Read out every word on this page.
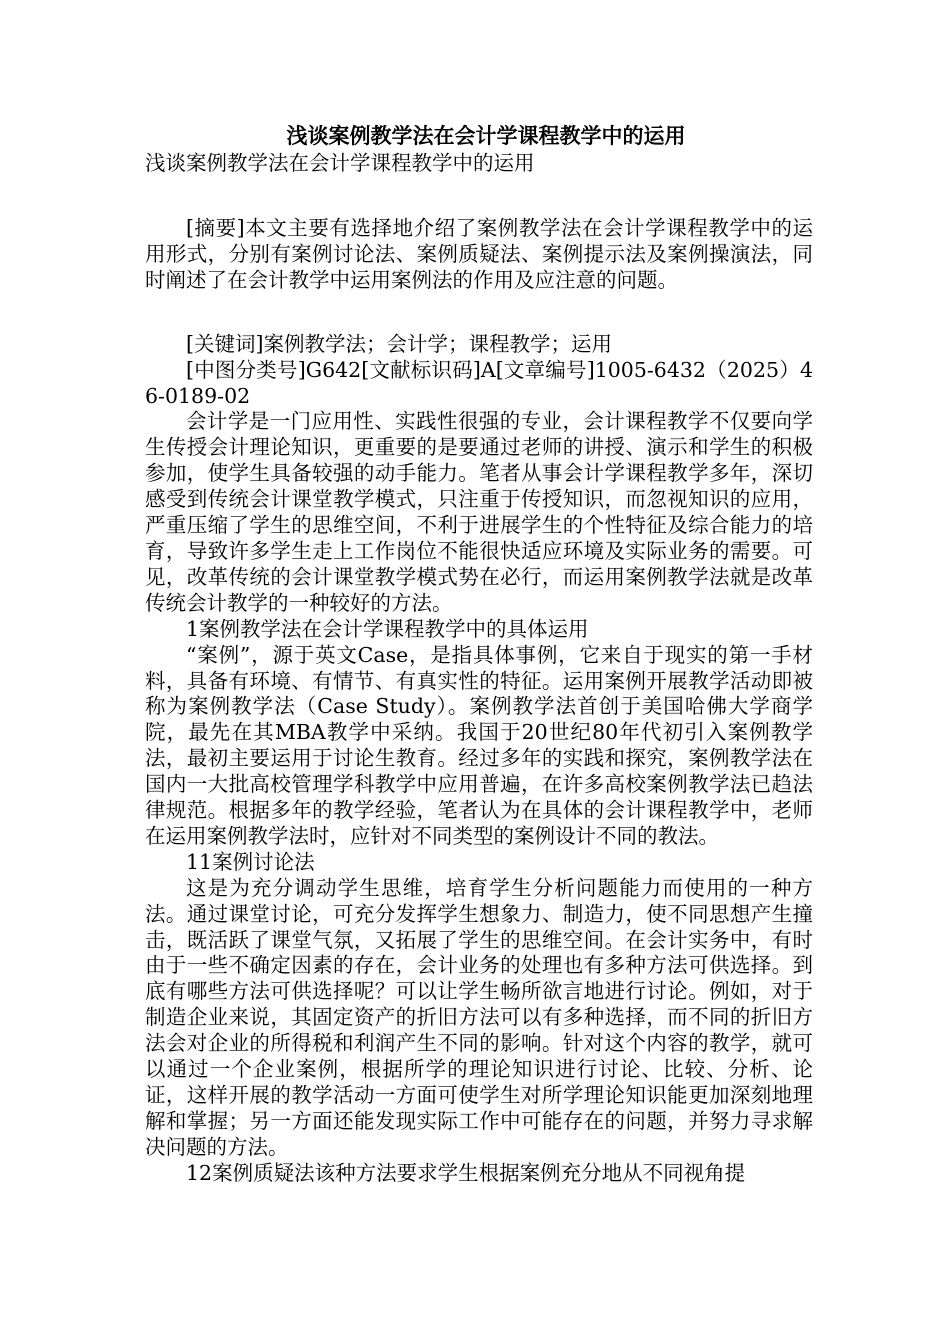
浅谈案例教学法在会计学课程教学中的运用

浅谈案例教学法在会计学课程教学中的运用

[摘要]本文主要有选择地介绍了案例教学法在会计学课程教学中的运用形式，分别有案例讨论法、案例质疑法、案例提示法及案例操演法，同时阐述了在会计教学中运用案例法的作用及应注意的问题。

[关键词]案例教学法；会计学；课程教学；运用

[中图分类号]G642[文献标识码]A[文章编号]1005-6432（2025）46-0189-02

会计学是一门应用性、实践性很强的专业，会计课程教学不仅要向学生传授会计理论知识，更重要的是要通过老师的讲授、演示和学生的积极参加，使学生具备较强的动手能力。笔者从事会计学课程教学多年，深切感受到传统会计课堂教学模式，只注重于传授知识，而忽视知识的应用，严重压缩了学生的思维空间，不利于进展学生的个性特征及综合能力的培育，导致许多学生走上工作岗位不能很快适应环境及实际业务的需要。可见，改革传统的会计课堂教学模式势在必行，而运用案例教学法就是改革传统会计教学的一种较好的方法。

1案例教学法在会计学课程教学中的具体运用

“案例”，源于英文Case，是指具体事例，它来自于现实的第一手材料，具备有环境、有情节、有真实性的特征。运用案例开展教学活动即被称为案例教学法（Case Study）。案例教学法首创于美国哈佛大学商学院，最先在其MBA教学中采纳。我国于20世纪80年代初引入案例教学法，最初主要运用于讨论生教育。经过多年的实践和探究，案例教学法在国内一大批高校管理学科教学中应用普遍，在许多高校案例教学法已趋法律规范。根据多年的教学经验，笔者认为在具体的会计课程教学中，老师在运用案例教学法时，应针对不同类型的案例设计不同的教法。

11案例讨论法

这是为充分调动学生思维，培育学生分析问题能力而使用的一种方法。通过课堂讨论，可充分发挥学生想象力、制造力，使不同思想产生撞击，既活跃了课堂气氛，又拓展了学生的思维空间。在会计实务中，有时由于一些不确定因素的存在，会计业务的处理也有多种方法可供选择。到底有哪些方法可供选择呢？可以让学生畅所欲言地进行讨论。例如，对于制造企业来说，其固定资产的折旧方法可以有多种选择，而不同的折旧方法会对企业的所得税和利润产生不同的影响。针对这个内容的教学，就可以通过一个企业案例，根据所学的理论知识进行讨论、比较、分析、论证，这样开展的教学活动一方面可使学生对所学理论知识能更加深刻地理解和掌握；另一方面还能发现实际工作中可能存在的问题，并努力寻求解决问题的方法。

12案例质疑法该种方法要求学生根据案例充分地从不同视角提
